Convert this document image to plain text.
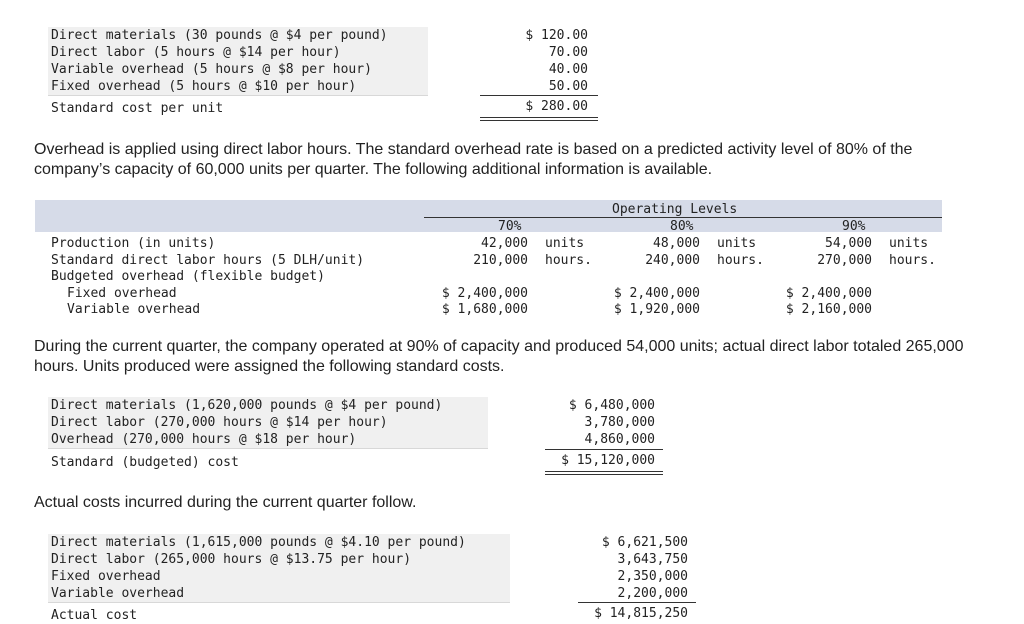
Direct materials (30 pounds @ $4 per pound)
Direct labor (5 hours @ $14 per hour)
Variable overhead (5 hours @ $8 per hour)
Fixed overhead (5 hours @ $10 per hour)
Standard cost per unit
$ 120.00
70.00
40.00
50.00
$ 280.00
Overhead is applied using direct labor hours. The standard overhead rate is based on a predicted activity level of 80% of the company’s capacity of 60,000 units per quarter. The following additional information is available.
Operating Levels
70%	80%	90%
Production (in units)
Standard direct labor hours (5 DLH/unit)
Budgeted overhead (flexible budget)
Fixed overhead
Variable overhead
42,000 units
210,000 hours.
$ 2,400,000
$ 1,680,000
48,000 units
240,000 hours.
$ 2,400,000
$ 1,920,000
54,000 units
270,000 hours.
$ 2,400,000
$ 2,160,000
During the current quarter, the company operated at 90% of capacity and produced 54,000 units; actual direct labor totaled 265,000 hours. Units produced were assigned the following standard costs.
Direct materials (1,620,000 pounds @ $4 per pound)
Direct labor (270,000 hours @ $14 per hour)
Overhead (270,000 hours @ $18 per hour)
Standard (budgeted) cost
$ 6,480,000
3,780,000
4,860,000
$ 15,120,000
Actual costs incurred during the current quarter follow.
Direct materials (1,615,000 pounds @ $4.10 per pound)
Direct labor (265,000 hours @ $13.75 per hour)
Fixed overhead
Variable overhead
Actual cost
$ 6,621,500
3,643,750
2,350,000
2,200,000
$ 14,815,250
